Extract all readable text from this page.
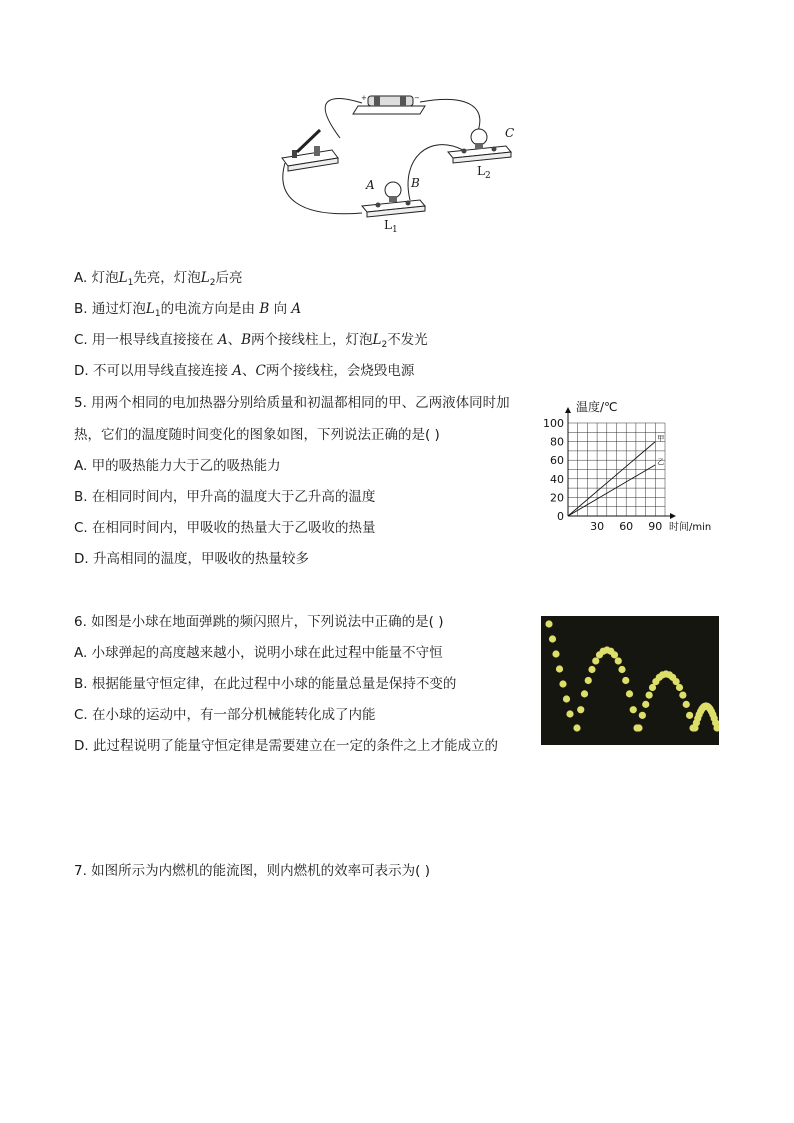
+	−
A	B
C
$L_2$
$L_1$
A. 灯泡$L_1$先亮，灯泡$L_2$后亮
B. 通过灯泡$L_1$的电流方向是由 B 向 A
C. 用一根导线直接接在 A、B两个接线柱上，灯泡$L_2$不发光
D. 不可以用导线直接连接 A、C两个接线柱，会烧毁电源
5. 用两个相同的电加热器分别给质量和初温都相同的甲、乙两液体同时加
热，它们的温度随时间变化的图象如图，下列说法正确的是( )
A. 甲的吸热能力大于乙的吸热能力
B. 在相同时间内，甲升高的温度大于乙升高的温度
C. 在相同时间内，甲吸收的热量大于乙吸收的热量
D. 升高相同的温度，甲吸收的热量较多
0
20
40
60
80
100
30 60 90
温度/℃
时间/min
甲
乙
6. 如图是小球在地面弹跳的频闪照片，下列说法中正确的是( )
A. 小球弹起的高度越来越小，说明小球在此过程中能量不守恒
B. 根据能量守恒定律，在此过程中小球的能量总量是保持不变的
C. 在小球的运动中，有一部分机械能转化成了内能
D. 此过程说明了能量守恒定律是需要建立在一定的条件之上才能成立的
7. 如图所示为内燃机的能流图，则内燃机的效率可表示为( )
